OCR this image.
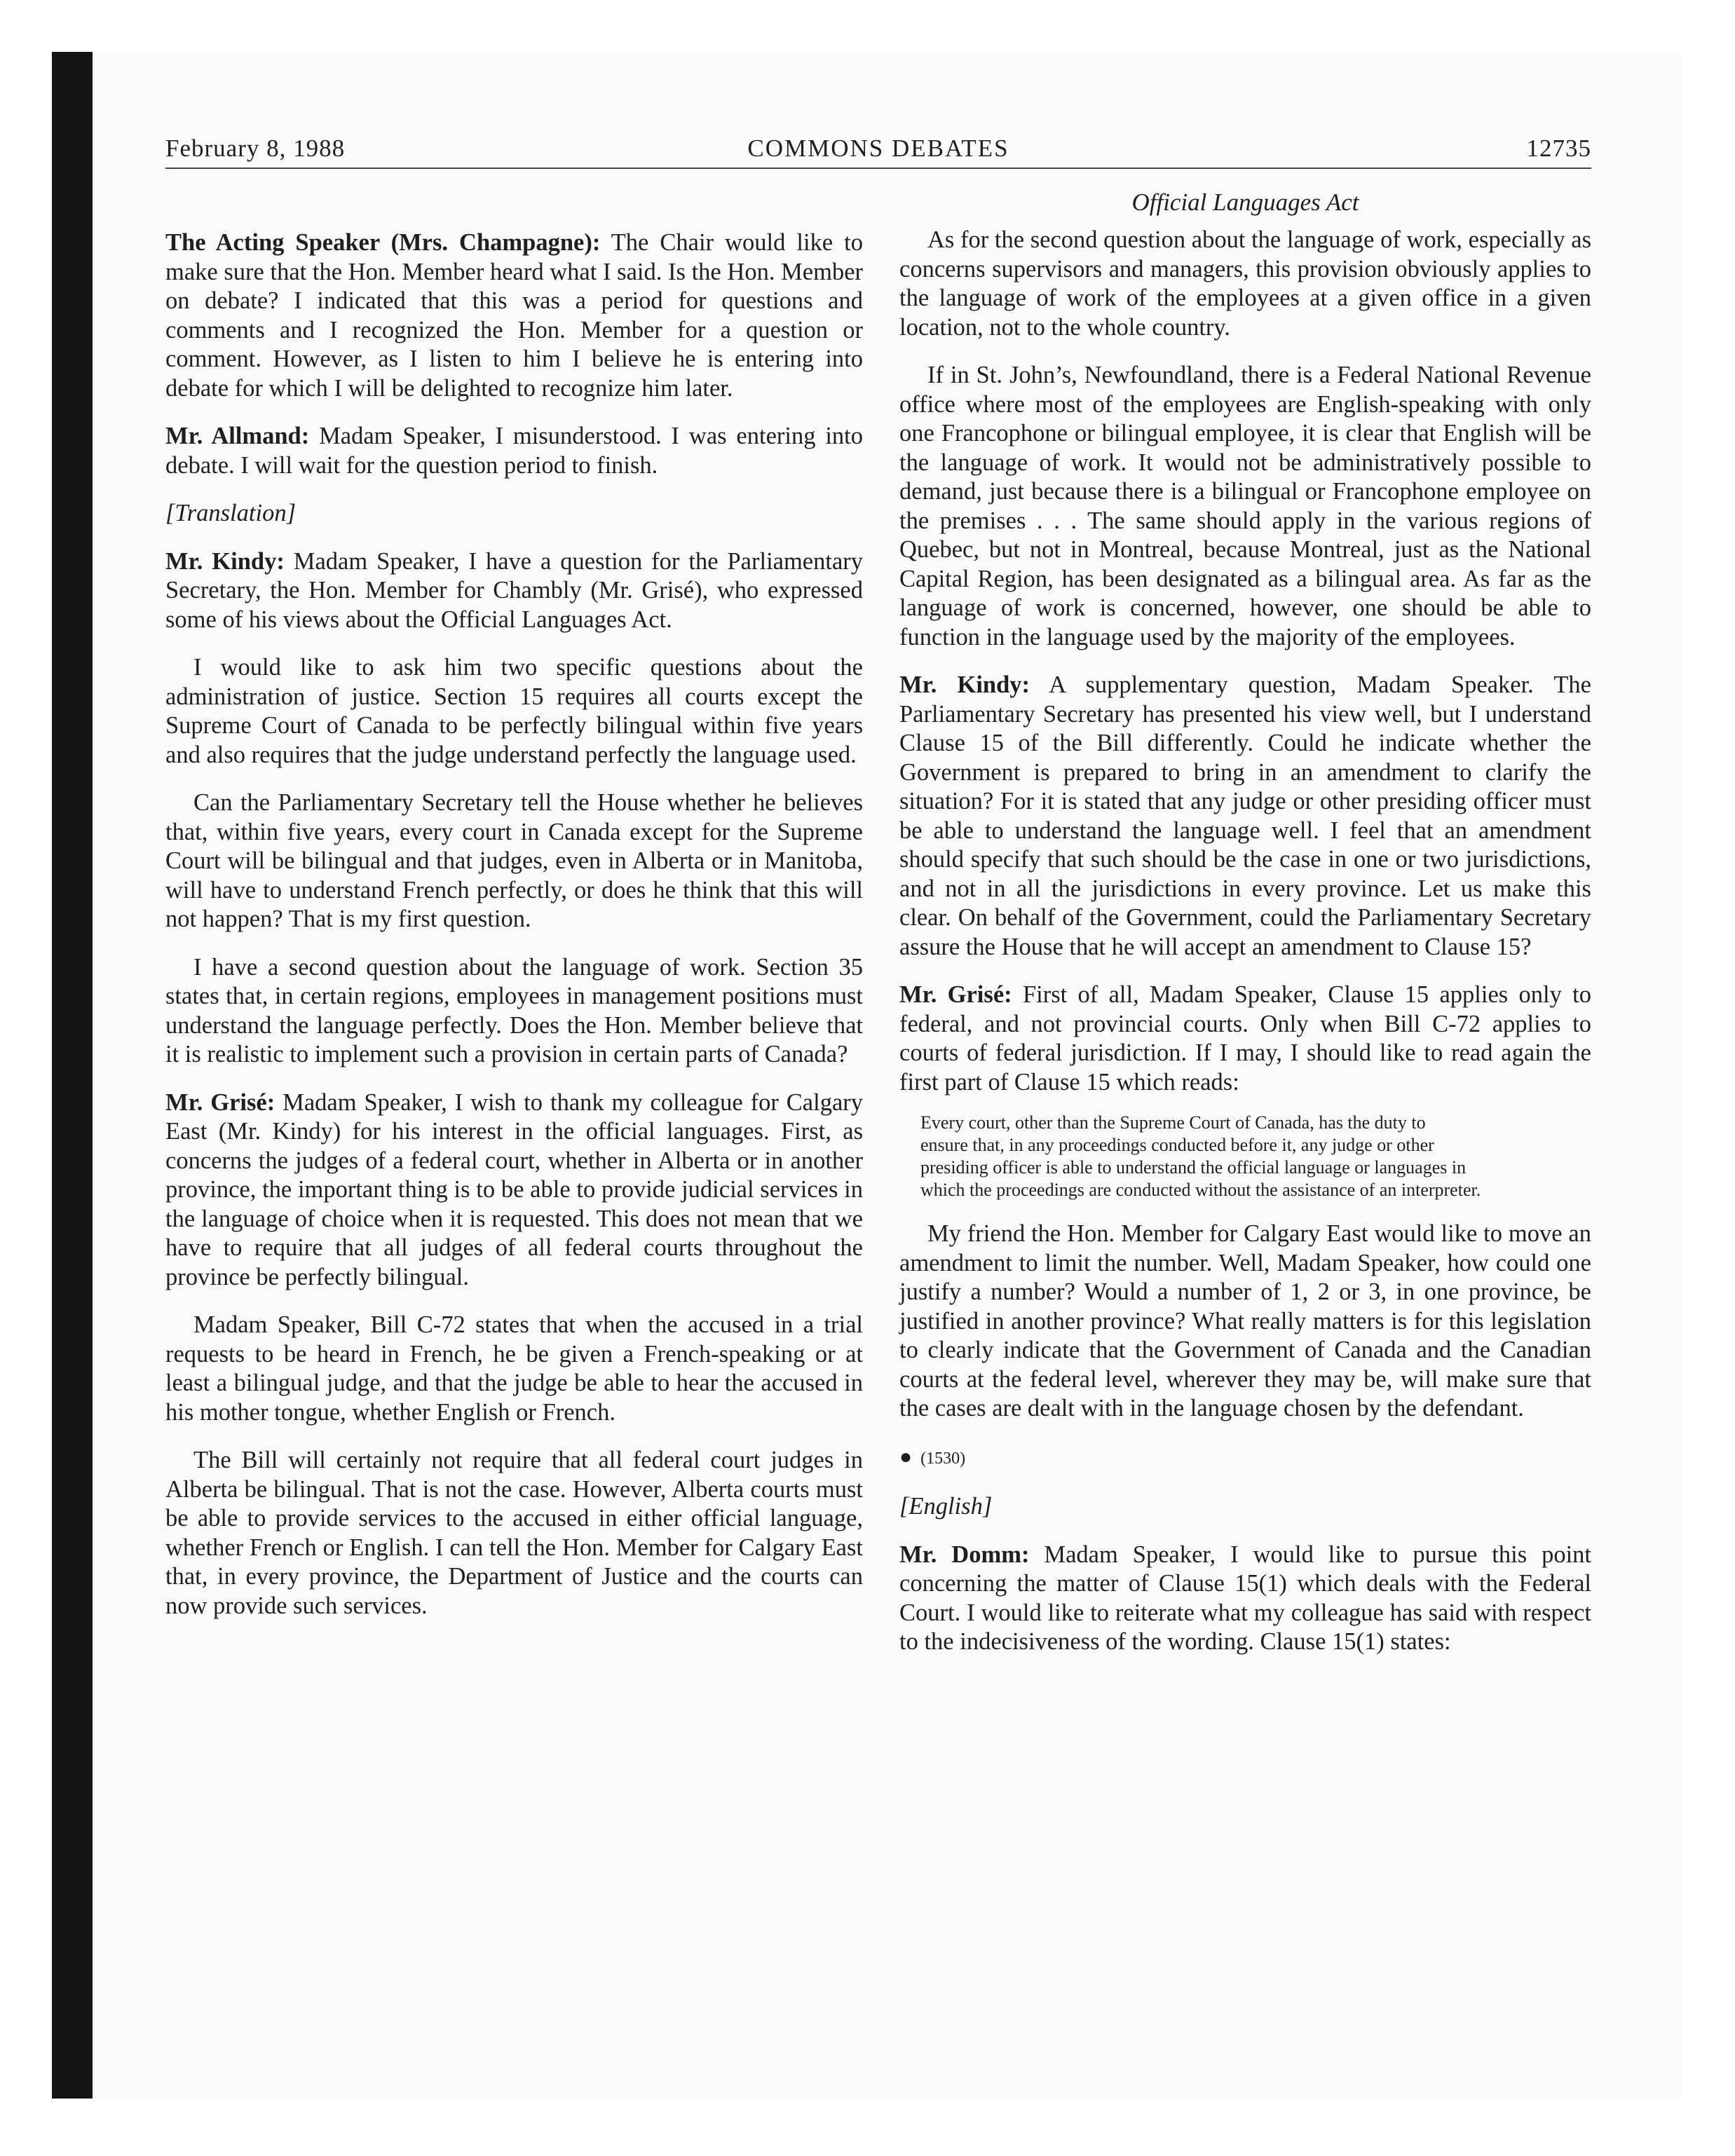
February 8, 1988	COMMONS DEBATES	12735

The Acting Speaker (Mrs. Champagne): The Chair would like to make sure that the Hon. Member heard what I said. Is the Hon. Member on debate? I indicated that this was a period for questions and comments and I recognized the Hon. Member for a question or comment. However, as I listen to him I believe he is entering into debate for which I will be delighted to recognize him later.

Mr. Allmand: Madam Speaker, I misunderstood. I was entering into debate. I will wait for the question period to finish.

[Translation]

Mr. Kindy: Madam Speaker, I have a question for the Parliamentary Secretary, the Hon. Member for Chambly (Mr. Grisé), who expressed some of his views about the Official Languages Act.

I would like to ask him two specific questions about the administration of justice. Section 15 requires all courts except the Supreme Court of Canada to be perfectly bilingual within five years and also requires that the judge understand perfectly the language used.

Can the Parliamentary Secretary tell the House whether he believes that, within five years, every court in Canada except for the Supreme Court will be bilingual and that judges, even in Alberta or in Manitoba, will have to understand French perfectly, or does he think that this will not happen? That is my first question.

I have a second question about the language of work. Section 35 states that, in certain regions, employees in management positions must understand the language perfectly. Does the Hon. Member believe that it is realistic to implement such a provision in certain parts of Canada?

Mr. Grisé: Madam Speaker, I wish to thank my colleague for Calgary East (Mr. Kindy) for his interest in the official languages. First, as concerns the judges of a federal court, whether in Alberta or in another province, the important thing is to be able to provide judicial services in the language of choice when it is requested. This does not mean that we have to require that all judges of all federal courts throughout the province be perfectly bilingual.

Madam Speaker, Bill C-72 states that when the accused in a trial requests to be heard in French, he be given a French-speaking or at least a bilingual judge, and that the judge be able to hear the accused in his mother tongue, whether English or French.

The Bill will certainly not require that all federal court judges in Alberta be bilingual. That is not the case. However, Alberta courts must be able to provide services to the accused in either official language, whether French or English. I can tell the Hon. Member for Calgary East that, in every province, the Department of Justice and the courts can now provide such services.

Official Languages Act

As for the second question about the language of work, especially as concerns supervisors and managers, this provision obviously applies to the language of work of the employees at a given office in a given location, not to the whole country.

If in St. John’s, Newfoundland, there is a Federal National Revenue office where most of the employees are English-speaking with only one Francophone or bilingual employee, it is clear that English will be the language of work. It would not be administratively possible to demand, just because there is a bilingual or Francophone employee on the premises . . . The same should apply in the various regions of Quebec, but not in Montreal, because Montreal, just as the National Capital Region, has been designated as a bilingual area. As far as the language of work is concerned, however, one should be able to function in the language used by the majority of the employees.

Mr. Kindy: A supplementary question, Madam Speaker. The Parliamentary Secretary has presented his view well, but I understand Clause 15 of the Bill differently. Could he indicate whether the Government is prepared to bring in an amendment to clarify the situation? For it is stated that any judge or other presiding officer must be able to understand the language well. I feel that an amendment should specify that such should be the case in one or two jurisdictions, and not in all the jurisdictions in every province. Let us make this clear. On behalf of the Government, could the Parliamentary Secretary assure the House that he will accept an amendment to Clause 15?

Mr. Grisé: First of all, Madam Speaker, Clause 15 applies only to federal, and not provincial courts. Only when Bill C-72 applies to courts of federal jurisdiction. If I may, I should like to read again the first part of Clause 15 which reads:

Every court, other than the Supreme Court of Canada, has the duty to
ensure that, in any proceedings conducted before it, any judge or other
presiding officer is able to understand the official language or languages in
which the proceedings are conducted without the assistance of an interpreter.

My friend the Hon. Member for Calgary East would like to move an amendment to limit the number. Well, Madam Speaker, how could one justify a number? Would a number of 1, 2 or 3, in one province, be justified in another province? What really matters is for this legislation to clearly indicate that the Government of Canada and the Canadian courts at the federal level, wherever they may be, will make sure that the cases are dealt with in the language chosen by the defendant.

● (1530)

[English]

Mr. Domm: Madam Speaker, I would like to pursue this point concerning the matter of Clause 15(1) which deals with the Federal Court. I would like to reiterate what my colleague has said with respect to the indecisiveness of the wording. Clause 15(1) states:
